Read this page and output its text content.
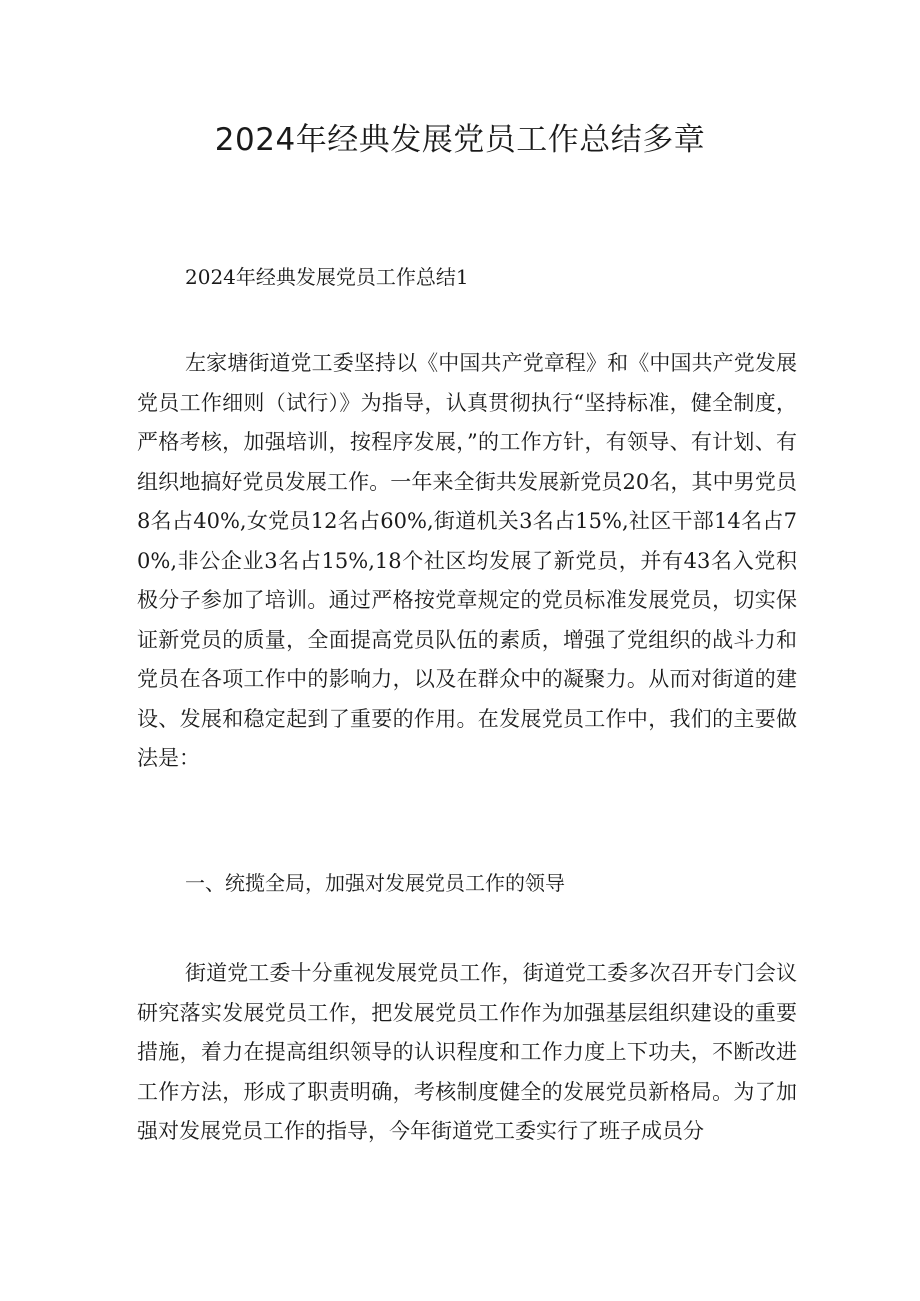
2024年经典发展党员工作总结多章

2024年经典发展党员工作总结1

左家塘街道党工委坚持以《中国共产党章程》和《中国共产党发展党员工作细则（试行）》为指导，认真贯彻执行“坚持标准，健全制度，严格考核，加强培训，按程序发展，”的工作方针，有领导、有计划、有组织地搞好党员发展工作。一年来全街共发展新党员20名，其中男党员8名占40%,女党员12名占60%,街道机关3名占15%,社区干部14名占70%,非公企业3名占15%,18个社区均发展了新党员，并有43名入党积极分子参加了培训。通过严格按党章规定的党员标准发展党员，切实保证新党员的质量，全面提高党员队伍的素质，增强了党组织的战斗力和党员在各项工作中的影响力，以及在群众中的凝聚力。从而对街道的建设、发展和稳定起到了重要的作用。在发展党员工作中，我们的主要做法是：

一、统揽全局，加强对发展党员工作的领导

街道党工委十分重视发展党员工作，街道党工委多次召开专门会议研究落实发展党员工作，把发展党员工作作为加强基层组织建设的重要措施，着力在提高组织领导的认识程度和工作力度上下功夫，不断改进工作方法，形成了职责明确，考核制度健全的发展党员新格局。为了加强对发展党员工作的指导，今年街道党工委实行了班子成员分
